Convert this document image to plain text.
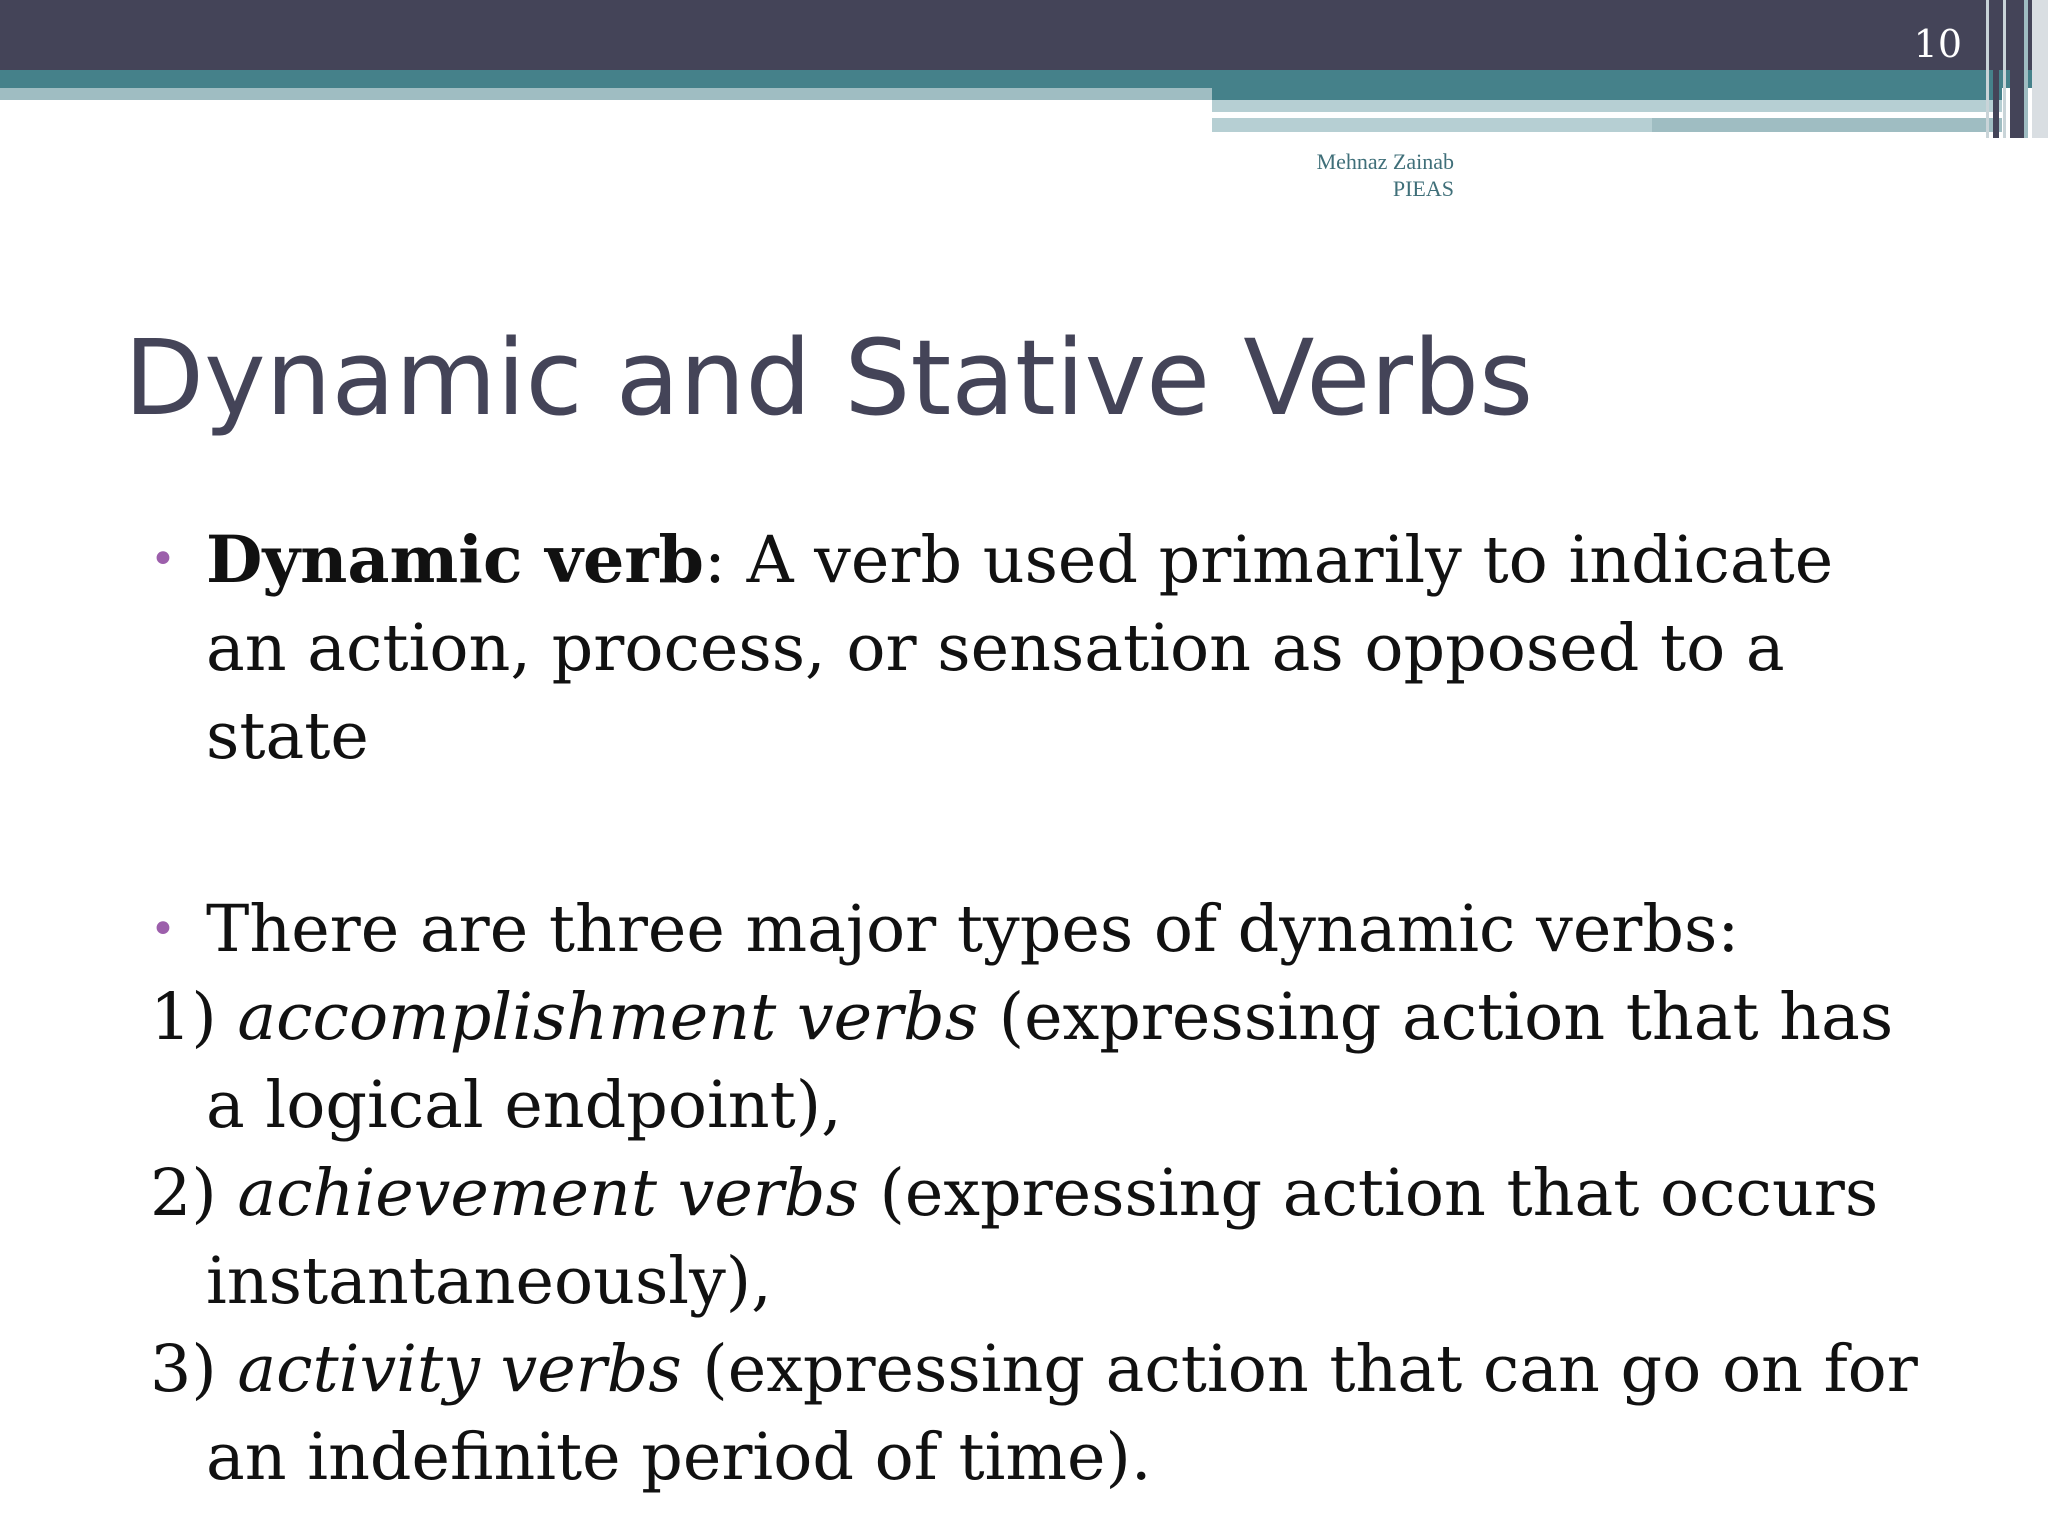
10
Mehnaz Zainab
PIEAS
Dynamic and Stative Verbs
• Dynamic verb: A verb used primarily to indicate an action, process, or sensation as opposed to a state
• There are three major types of dynamic verbs:
1) accomplishment verbs (expressing action that has a logical endpoint),
2) achievement verbs (expressing action that occurs instantaneously),
3) activity verbs (expressing action that can go on for an indefinite period of time).
